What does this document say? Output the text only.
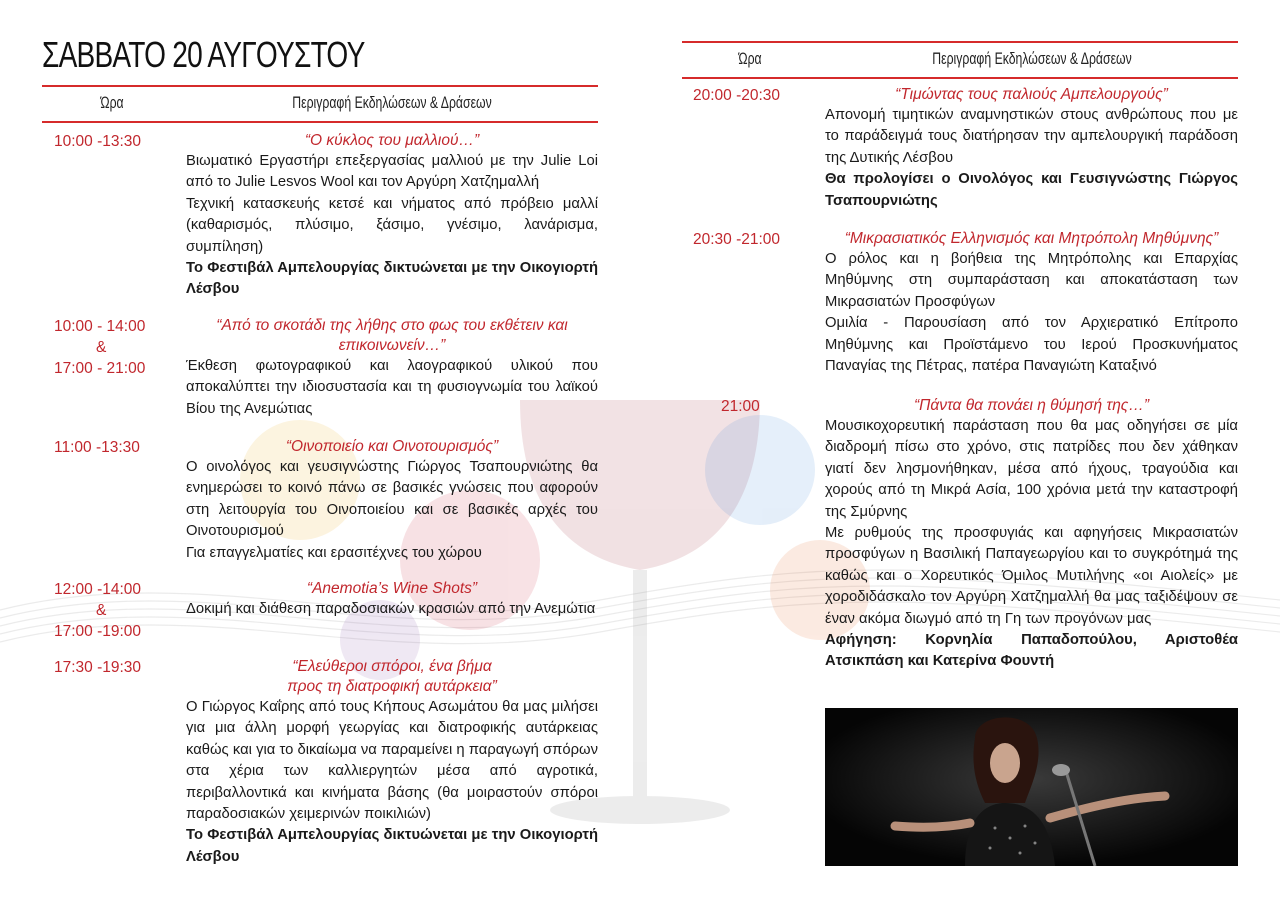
ΣΑΒΒΑΤΟ 20 ΑΥΓΟΥΣΤΟΥ
Ώρα	Περιγραφή Εκδηλώσεων & Δράσεων
Ώρα	Περιγραφή Εκδηλώσεων & Δράσεων
10:00 -13:30	“Ο κύκλος του μαλλιού…”
Βιωματικό Εργαστήρι επεξεργασίας μαλλιού με την Julie Loi από το Julie Lesvos Wool και τον Αργύρη Χατζημαλλή
Τεχνική κατασκευής κετσέ και νήματος από πρόβειο μαλλί (καθαρισμός, πλύσιμο, ξάσιμο, γνέσιμο, λανάρισμα, συμπίληση)
Το Φεστιβάλ Αμπελουργίας δικτυώνεται με την Οικογιορτή Λέσβου
10:00 - 14:00
&
17:00 - 21:00
“Από το σκοτάδι της λήθης στο φως του εκθέτειν και επικοινωνείν…”
Έκθεση φωτογραφικού και λαογραφικού υλικού που αποκαλύπτει την ιδιοσυστασία και τη φυσιογνωμία του λαϊκού Βίου της Ανεμώτιας
11:00 -13:30	“Οινοποιείο και Οινοτουρισμός”
Ο οινολόγος και γευσιγνώστης Γιώργος Τσαπουρνιώτης θα ενημερώσει το κοινό πάνω σε βασικές γνώσεις που αφορούν στη λειτουργία του Οινοποιείου και σε βασικές αρχές του Οινοτουρισμού
Για επαγγελματίες και ερασιτέχνες του χώρου
12:00 -14:00
&
17:00 -19:00
“Anemotia’s Wine Shots”
Δοκιμή και διάθεση παραδοσιακών κρασιών από την Ανεμώτια
17:30 -19:30	“Ελεύθεροι σπόροι, ένα βήμα
προς τη διατροφική αυτάρκεια”
Ο Γιώργος Καΐρης από τους Κήπους Ασωμάτου θα μας μιλήσει για μια άλλη μορφή γεωργίας και διατροφικής αυτάρκειας καθώς και για το δικαίωμα να παραμείνει η παραγωγή σπόρων στα χέρια των καλλιεργητών μέσα από αγροτικά, περιβαλλοντικά και κινήματα βάσης (θα μοιραστούν σπόροι παραδοσιακών χειμερινών ποικιλιών)
Το Φεστιβάλ Αμπελουργίας δικτυώνεται με την Οικογιορτή Λέσβου
20:00 -20:30	“Τιμώντας τους παλιούς Αμπελουργούς”
Απονομή τιμητικών αναμνηστικών στους ανθρώπους που με το παράδειγμά τους διατήρησαν την αμπελουργική παράδοση της Δυτικής Λέσβου
Θα προλογίσει ο Οινολόγος και Γευσιγνώστης Γιώργος Τσαπουρνιώτης
20:30 -21:00	“Μικρασιατικός Ελληνισμός και Μητρόπολη Μηθύμνης”
Ο ρόλος και η βοήθεια της Μητρόπολης και Επαρχίας Μηθύμνης στη συμπαράσταση και αποκατάσταση των Μικρασιατών Προσφύγων
Ομιλία - Παρουσίαση από τον Αρχιερατικό Επίτροπο Μηθύμνης και Προϊστάμενο του Ιερού Προσκυνήματος Παναγίας της Πέτρας, πατέρα Παναγιώτη Καταξινό
21:00	“Πάντα θα πονάει η θύμησή της…”
Μουσικοχορευτική παράσταση που θα μας οδηγήσει σε μία διαδρομή πίσω στο χρόνο, στις πατρίδες που δεν χάθηκαν γιατί δεν λησμονήθηκαν, μέσα από ήχους, τραγούδια και χορούς από τη Μικρά Ασία, 100 χρόνια μετά την καταστροφή της Σμύρνης
Με ρυθμούς της προσφυγιάς και αφηγήσεις Μικρασιατών προσφύγων η Βασιλική Παπαγεωργίου και το συγκρότημά της καθώς και ο Χορευτικός Όμιλος Μυτιλήνης «οι Αιολείς» με χοροδιδάσκαλο τον Αργύρη Χατζημαλλή θα μας ταξιδέψουν σε έναν ακόμα διωγμό από τη Γη των προγόνων μας
Αφήγηση: Κορνηλία Παπαδοπούλου, Αριστοθέα Ατσικπάση και Κατερίνα Φουντή
